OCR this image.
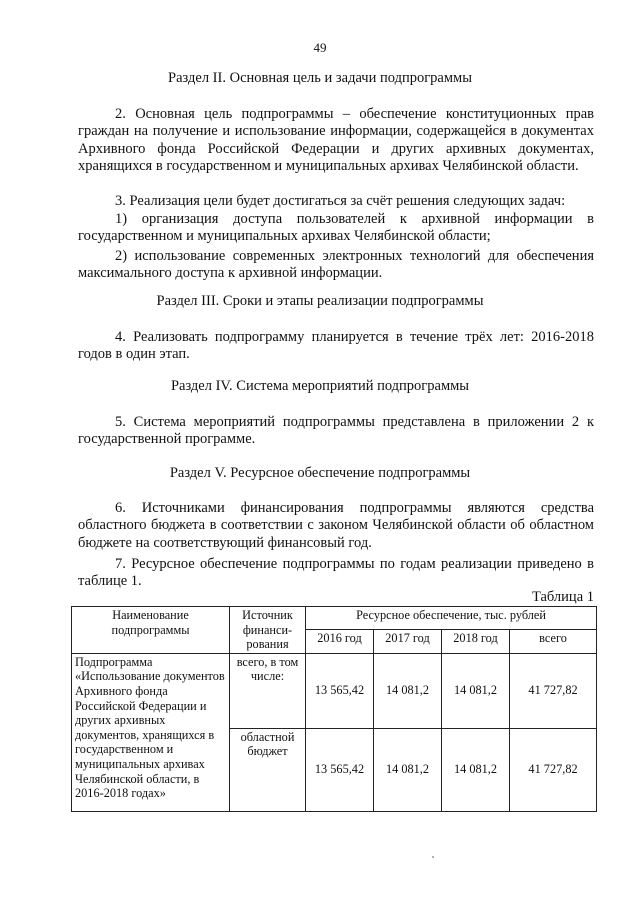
49
Раздел II. Основная цель и задачи подпрограммы

2. Основная цель подпрограммы – обеспечение конституционных прав граждан на получение и использование информации, содержащейся в документах Архивного фонда Российской Федерации и других архивных документах, хранящихся в государственном и муниципальных архивах Челябинской области.

3. Реализация цели будет достигаться за счёт решения следующих задач:

1) организация доступа пользователей к архивной информации в государственном и муниципальных архивах Челябинской области;

2) использование современных электронных технологий для обеспечения максимального доступа к архивной информации.

Раздел III. Сроки и этапы реализации подпрограммы

4. Реализовать подпрограмму планируется в течение трёх лет: 2016-2018 годов в один этап.

Раздел IV. Система мероприятий подпрограммы

5. Система мероприятий подпрограммы представлена в приложении 2 к государственной программе.

Раздел V. Ресурсное обеспечение подпрограммы

6. Источниками финансирования подпрограммы являются средства областного бюджета в соответствии с законом Челябинской области об областном бюджете на соответствующий финансовый год.

7. Ресурсное обеспечение подпрограммы по годам реализации приведено в таблице 1.

Таблица 1
Наименование подпрограммы	Источник финанси-рования	Ресурсное обеспечение, тыс. рублей			
		2016 год	2017 год	2018 год	всего
Подпрограмма «Использование документов Архивного фонда Российской Федерации и других архивных документов, хранящихся в государственном и муниципальных архивах Челябинской области, в 2016-2018 годах»	всего, в том числе:	13 565,42	14 081,2	14 081,2	41 727,82
	областной бюджет	13 565,42	14 081,2	14 081,2	41 727,82
